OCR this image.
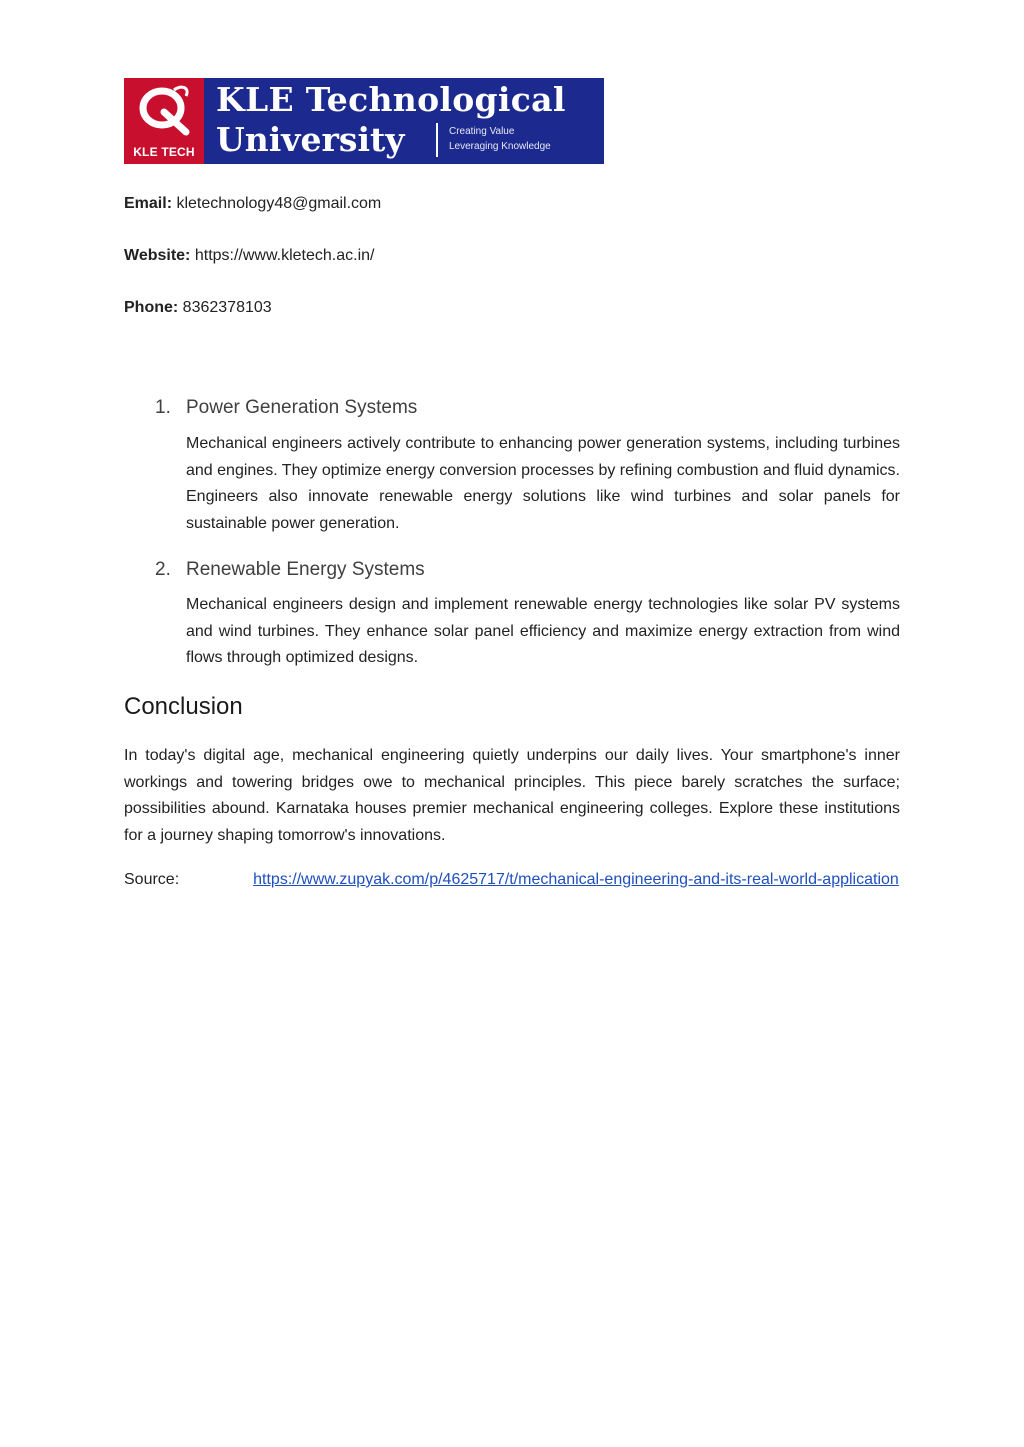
KLE TECH
KLE Technological
University	Creating Value
Leveraging Knowledge
Email: kletechnology48@gmail.com
Website: https://www.kletech.ac.in/
Phone: 8362378103
1. Power Generation Systems
Mechanical engineers actively contribute to enhancing power generation systems, including turbines and engines. They optimize energy conversion processes by refining combustion and fluid dynamics. Engineers also innovate renewable energy solutions like wind turbines and solar panels for sustainable power generation.
2. Renewable Energy Systems
Mechanical engineers design and implement renewable energy technologies like solar PV systems and wind turbines. They enhance solar panel efficiency and maximize energy extraction from wind flows through optimized designs.
Conclusion
In today's digital age, mechanical engineering quietly underpins our daily lives. Your smartphone's inner workings and towering bridges owe to mechanical principles. This piece barely scratches the surface; possibilities abound. Karnataka houses premier mechanical engineering colleges. Explore these institutions for a journey shaping tomorrow's innovations.
Source:	https://www.zupyak.com/p/4625717/t/mechanical-engineering-and-its-real-world-application
